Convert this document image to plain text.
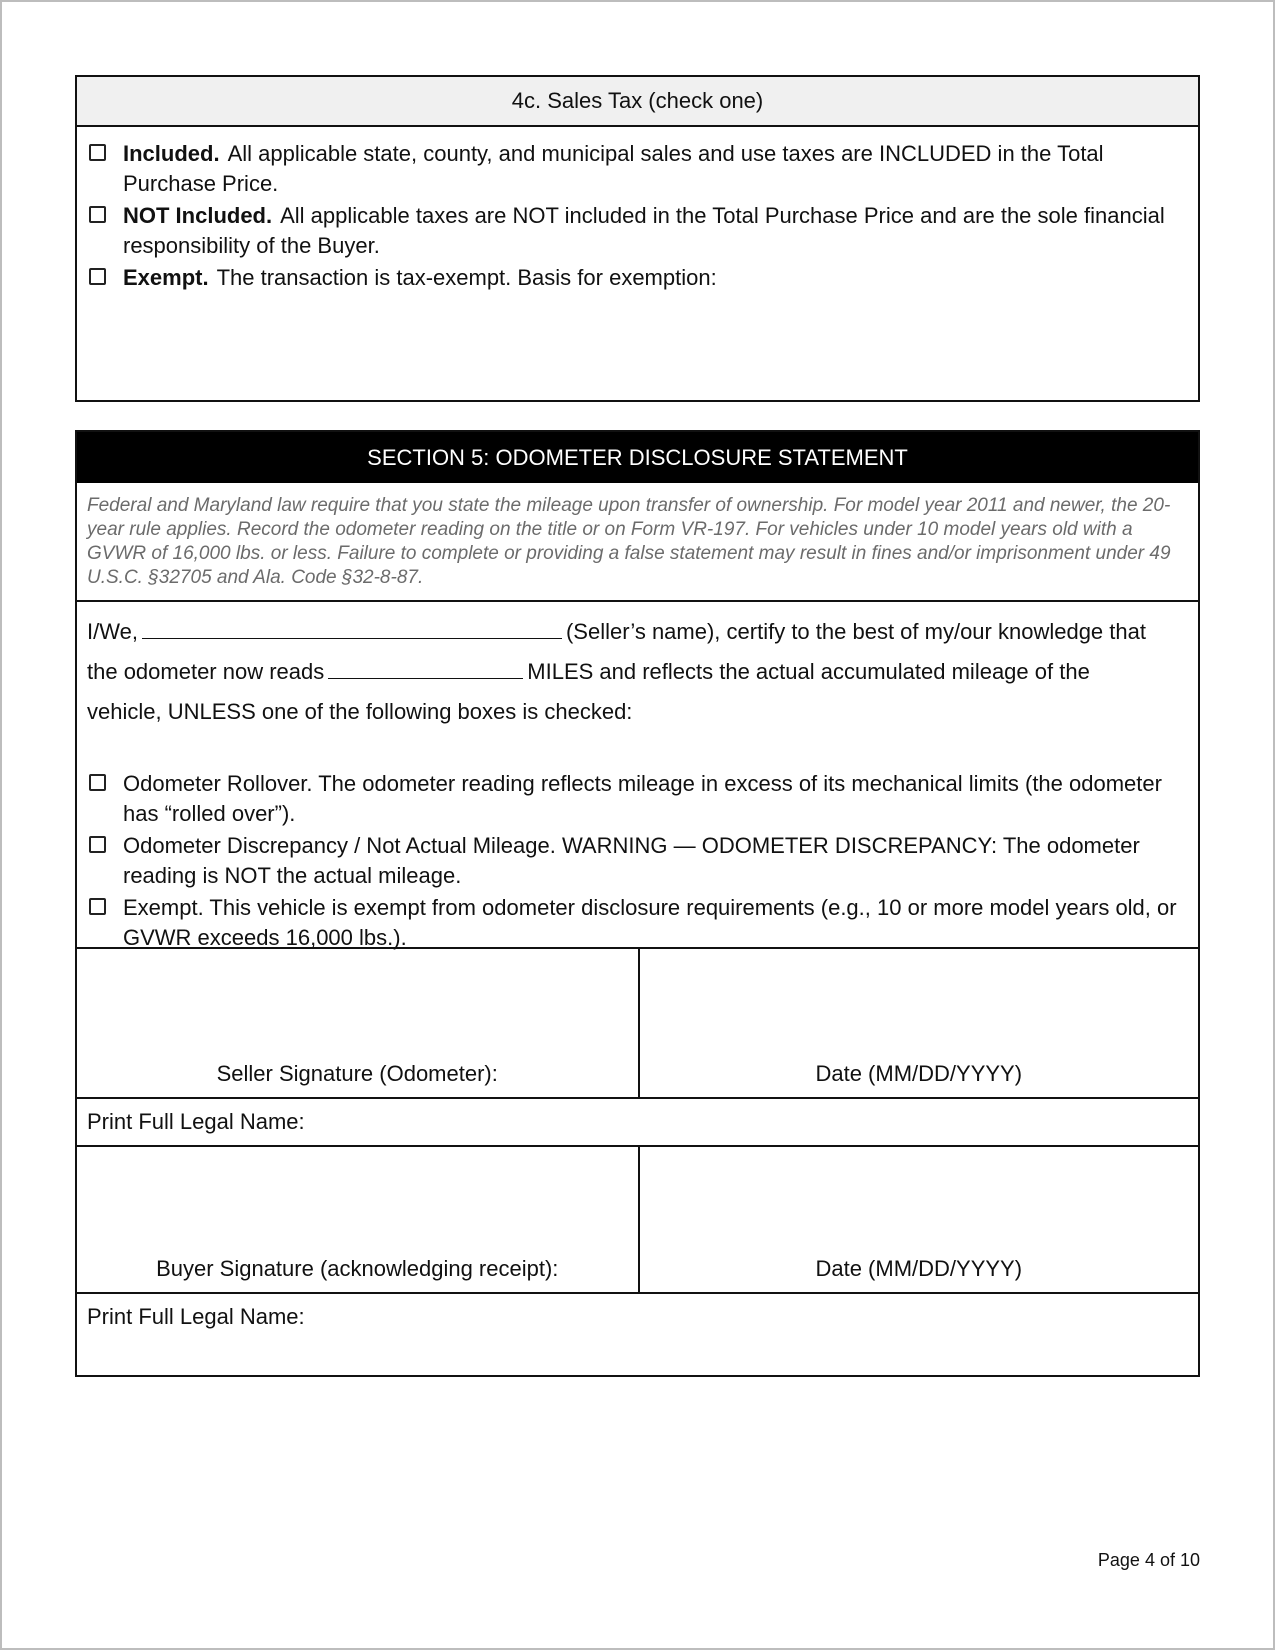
4c. Sales Tax (check one)
Included. All applicable state, county, and municipal sales and use taxes are INCLUDED in the Total Purchase Price.
NOT Included. All applicable taxes are NOT included in the Total Purchase Price and are the sole financial responsibility of the Buyer.
Exempt. The transaction is tax-exempt. Basis for exemption:
SECTION 5: ODOMETER DISCLOSURE STATEMENT
Federal and Maryland law require that you state the mileage upon transfer of ownership. For model year 2011 and newer, the 20-year rule applies. Record the odometer reading on the title or on Form VR-197. For vehicles under 10 model years old with a GVWR of 16,000 lbs. or less. Failure to complete or providing a false statement may result in fines and/or imprisonment under 49 U.S.C. §32705 and Ala. Code §32-8-87.
I/We,	(Seller’s name), certify to the best of my/our knowledge that
the odometer now reads	MILES and reflects the actual accumulated mileage of the
vehicle, UNLESS one of the following boxes is checked:
Odometer Rollover. The odometer reading reflects mileage in excess of its mechanical limits (the odometer has “rolled over”).
Odometer Discrepancy / Not Actual Mileage. WARNING — ODOMETER DISCREPANCY: The odometer reading is NOT the actual mileage.
Exempt. This vehicle is exempt from odometer disclosure requirements (e.g., 10 or more model years old, or GVWR exceeds 16,000 lbs.).
Seller Signature (Odometer):	Date (MM/DD/YYYY)
Print Full Legal Name:
Buyer Signature (acknowledging receipt):	Date (MM/DD/YYYY)
Print Full Legal Name:
Page 4 of 10
